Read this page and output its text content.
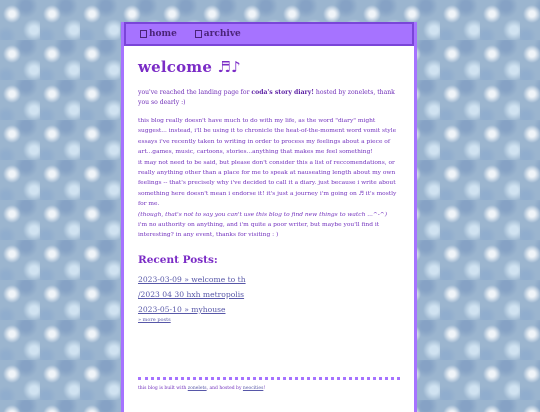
home	archive
welcome ♬♪
you've reached the landing page for coda's story diary! hosted by zonelets, thank you so dearly :)
this blog really doesn't have much to do with my life, as the word "diary" might suggest... instead, i'll be using it to chronicle the heat-of-the-moment word vomit style essays i've recently taken to writing in order to process my feelings about a piece of art...games, music, cartoons, stories...anything that makes me feel something!
it may not need to be said, but please don't consider this a list of reccomendations, or really anything other than a place for me to speak at nauseating length about my own feelings -- that's precisely why i've decided to call it a diary. just because i write about something here doesn't mean i endorse it! it's just a journey i'm going on ♬ it's mostly for me.
(though, that's not to say you can't use this blog to find new things to watch ...^-^)
i'm no authority on anything, and i'm quite a poor writer, but maybe you'll find it interesting? in any event, thanks for visiting : )
Recent Posts:
2023-03-09 » welcome to th
/2023 04 30 hxh metropolis
2023-05-10 » myhouse
» more posts
this blog is built with zonelets, and hosted by neocities!
